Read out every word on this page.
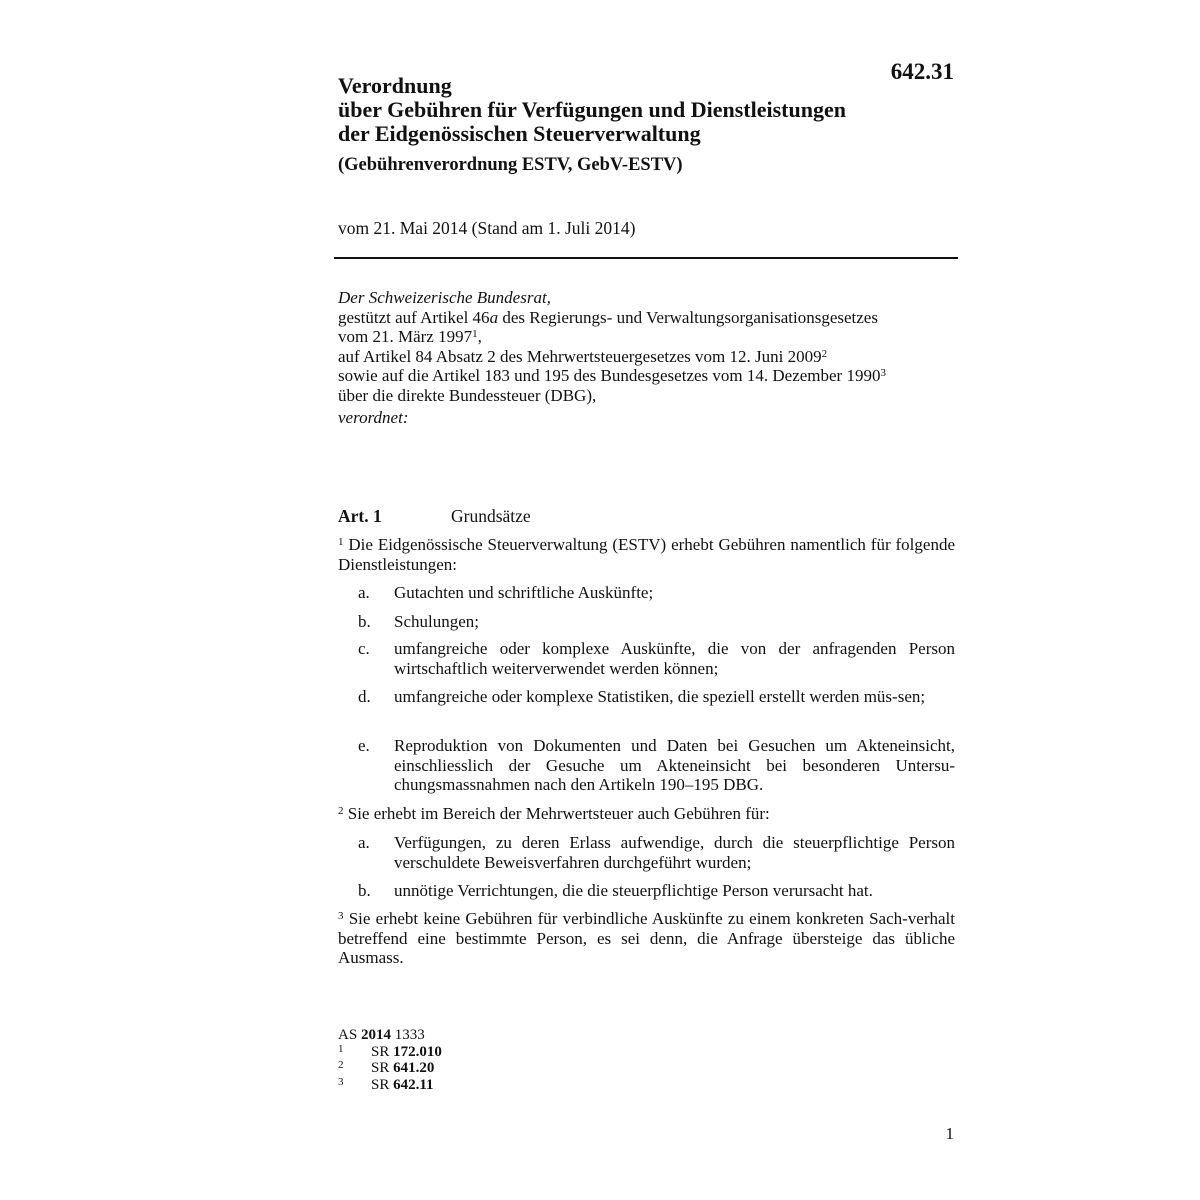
642.31
Verordnung
über Gebühren für Verfügungen und Dienstleistungen
der Eidgenössischen Steuerverwaltung
(Gebührenverordnung ESTV, GebV-ESTV)
vom 21. Mai 2014 (Stand am 1. Juli 2014)
Der Schweizerische Bundesrat,
gestützt auf Artikel 46a des Regierungs- und Verwaltungsorganisationsgesetzes
vom 21. März 1997$^1$,
auf Artikel 84 Absatz 2 des Mehrwertsteuergesetzes vom 12. Juni 2009$^2$
sowie auf die Artikel 183 und 195 des Bundesgesetzes vom 14. Dezember 1990$^3$
über die direkte Bundessteuer (DBG),
verordnet:
Art. 1	Grundsätze
$^1$ Die Eidgenössische Steuerverwaltung (ESTV) erhebt Gebühren namentlich für folgende Dienstleistungen:
a.	Gutachten und schriftliche Auskünfte;
b.	Schulungen;
c.	umfangreiche oder komplexe Auskünfte, die von der anfragenden Person wirtschaftlich weiterverwendet werden können;
d.	umfangreiche oder komplexe Statistiken, die speziell erstellt werden müs-sen;
e.	Reproduktion von Dokumenten und Daten bei Gesuchen um Akteneinsicht, einschliesslich der Gesuche um Akteneinsicht bei besonderen Untersu-chungsmassnahmen nach den Artikeln 190–195 DBG.
$^2$ Sie erhebt im Bereich der Mehrwertsteuer auch Gebühren für:
a.	Verfügungen, zu deren Erlass aufwendige, durch die steuerpflichtige Person verschuldete Beweisverfahren durchgeführt wurden;
b.	unnötige Verrichtungen, die die steuerpflichtige Person verursacht hat.
$^3$ Sie erhebt keine Gebühren für verbindliche Auskünfte zu einem konkreten Sach-verhalt betreffend eine bestimmte Person, es sei denn, die Anfrage übersteige das übliche Ausmass.
AS 2014 1333
1 SR 172.010
2 SR 641.20
3 SR 642.11
1
